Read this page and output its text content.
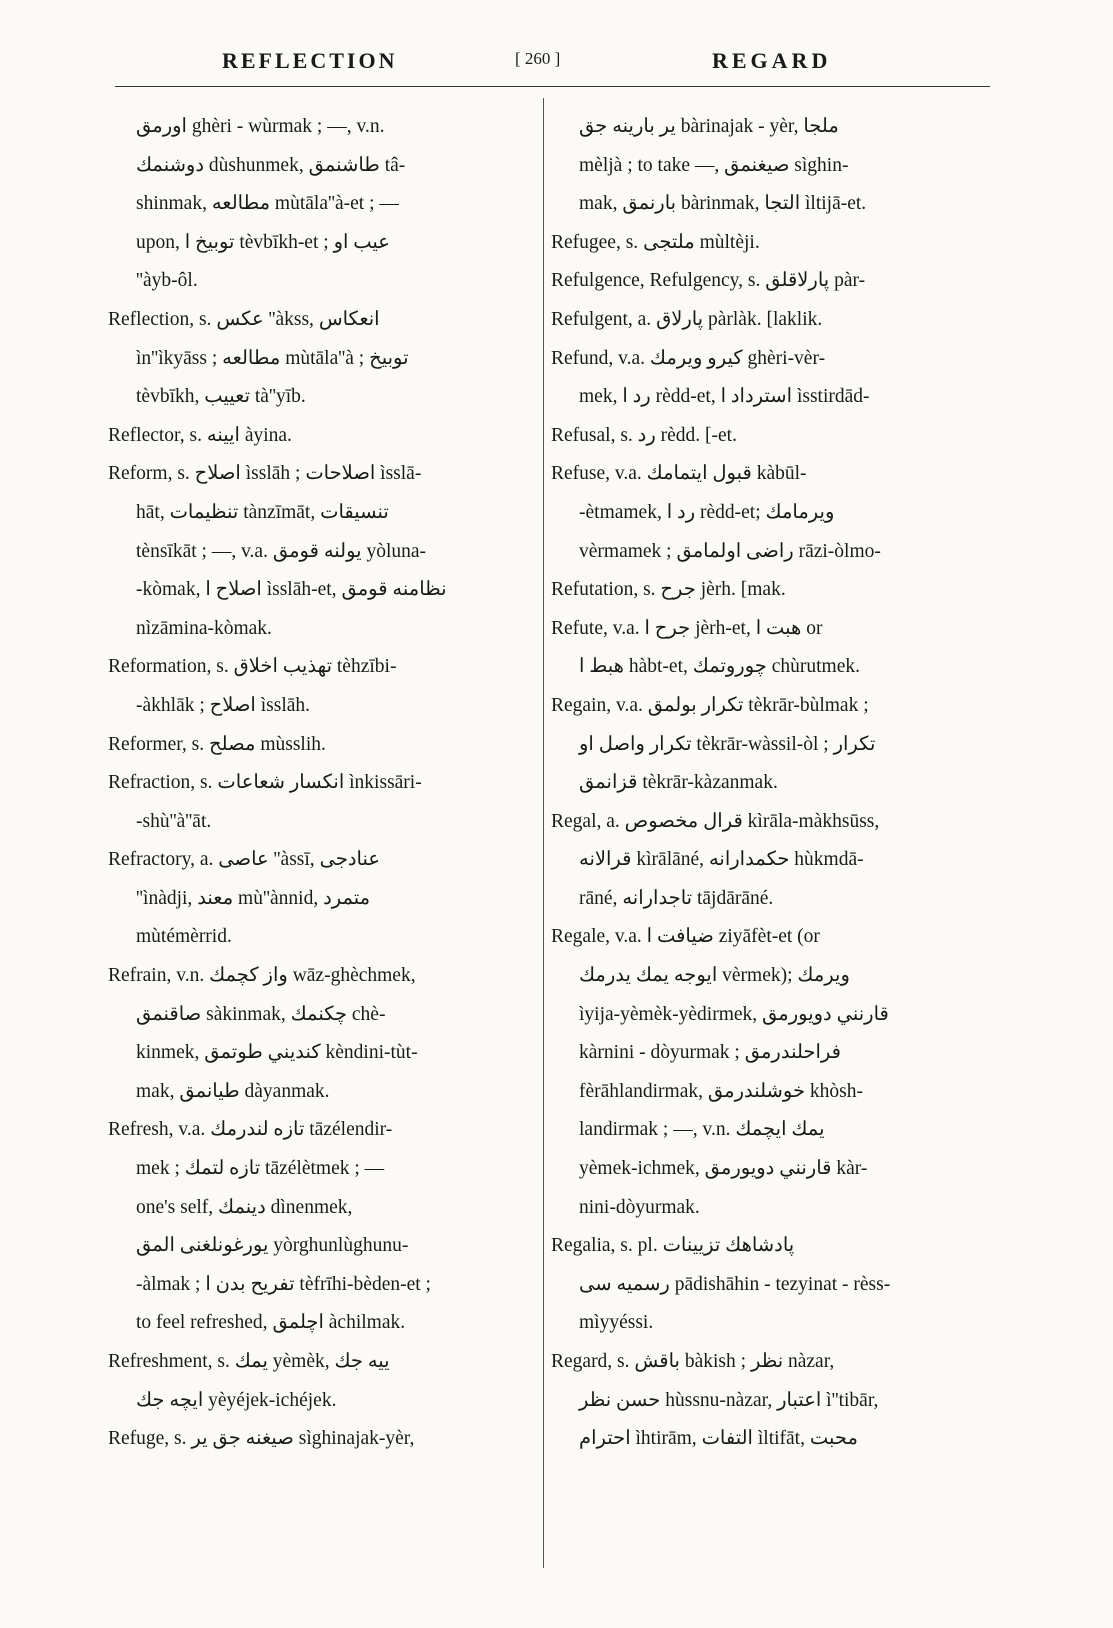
REFLECTION	[ 260 ]	REGARD
اورمق ghèri - wùrmak ; —, v.n.
دوشنمك dùshunmek, طاشنمق tâ-
shinmak, مطالعه mùtāla''à-et ; —
upon, توبيخ ا tèvbīkh-et ; عيب او
''àyb-ôl.
Reflection, s. عكس ''àkss, انعكاس
ìn''ìkyāss ; مطالعه mùtāla''à ; توبيخ
tèvbīkh, تعييب tà''yīb.
Reflector, s. ايينه àyina.
Reform, s. اصلاح ìsslāh ; اصلاحات ìsslā-
hāt, تنظيمات tànzīmāt, تنسيقات
tènsīkāt ; —, v.a. يولنه قومق yòluna-
-kòmak, اصلاح ا ìsslāh-et, نظامنه قومق
nìzāmina-kòmak.
Reformation, s. تهذيب اخلاق tèhzībi-
-àkhlāk ; اصلاح ìsslāh.
Reformer, s. مصلح mùsslih.
Refraction, s. انكسار شعاعات ìnkissāri-
-shù''à''āt.
Refractory, a. عاصى ''àssī, عنادجى
''ìnàdji, معند mù''ànnid, متمرد
mùtémèrrid.
Refrain, v.n. واز كچمك wāz-ghèchmek,
صاقنمق sàkinmak, چكنمك chè-
kinmek, كنديني طوتمق kèndini-tùt-
mak, طيانمق dàyanmak.
Refresh, v.a. تازه لندرمك tāzélendir-
mek ; تازه لتمك tāzélètmek ; —
one's self, دينمك dìnenmek,
يورغونلغنى المق yòrghunlùghunu-
-àlmak ; تفريح بدن ا tèfrīhi-bèden-et ;
to feel refreshed, اچلمق àchilmak.
Refreshment, s. يمك yèmèk, ييه جك
ايچه جك yèyéjek-ichéjek.
Refuge, s. صيغنه جق ير sìghinajak-yèr,
ير بارينه جق bàrinajak - yèr, ملجا
mèljà ; to take —, صيغنمق sìghin-
mak, بارنمق bàrinmak, التجا ìltijā-et.
Refugee, s. ملتجى mùltèji.
Refulgence, Refulgency, s. پارلاقلق pàr-
Refulgent, a. پارلاق pàrlàk. [laklik.
Refund, v.a. كيرو ويرمك ghèri-vèr-
mek, رد ا rèdd-et, استرداد ا ìsstirdād-
Refusal, s. رد rèdd. [-et.
Refuse, v.a. قبول ايتمامك kàbūl-
-ètmamek, رد ا rèdd-et; ويرمامك
vèrmamek ; راضى اولمامق rāzi-òlmo-
Refutation, s. جرح jèrh. [mak.
Refute, v.a. جرح ا jèrh-et, هبت ا or
هبط ا hàbt-et, چوروتمك chùrutmek.
Regain, v.a. تكرار بولمق tèkrār-bùlmak ;
تكرار واصل او tèkrār-wàssil-òl ; تكرار
قزانمق tèkrār-kàzanmak.
Regal, a. قرال مخصوص kìrāla-màkhsūss,
قرالانه kìrālāné, حكمدارانه hùkmdā-
rāné, تاجدارانه tājdārāné.
Regale, v.a. ضيافت ا ziyāfèt-et (or
ايوجه يمك يدرمك vèrmek); ويرمك
ìyija-yèmèk-yèdirmek, قارنني دويورمق
kàrnini - dòyurmak ; فراحلندرمق
fèrāhlandirmak, خوشلندرمق khòsh-
landirmak ; —, v.n. يمك ايچمك
yèmek-ichmek, قارنني دويورمق kàr-
nini-dòyurmak.
Regalia, s. pl. پادشاهك تزيينات
رسميه سى pādishāhin - tezyinat - rèss-
mìyyéssi.
Regard, s. باقش bàkish ; نظر nàzar,
حسن نظر hùssnu-nàzar, اعتبار ì''tibār,
احترام ìhtirām, التفات ìltifāt, محبت
